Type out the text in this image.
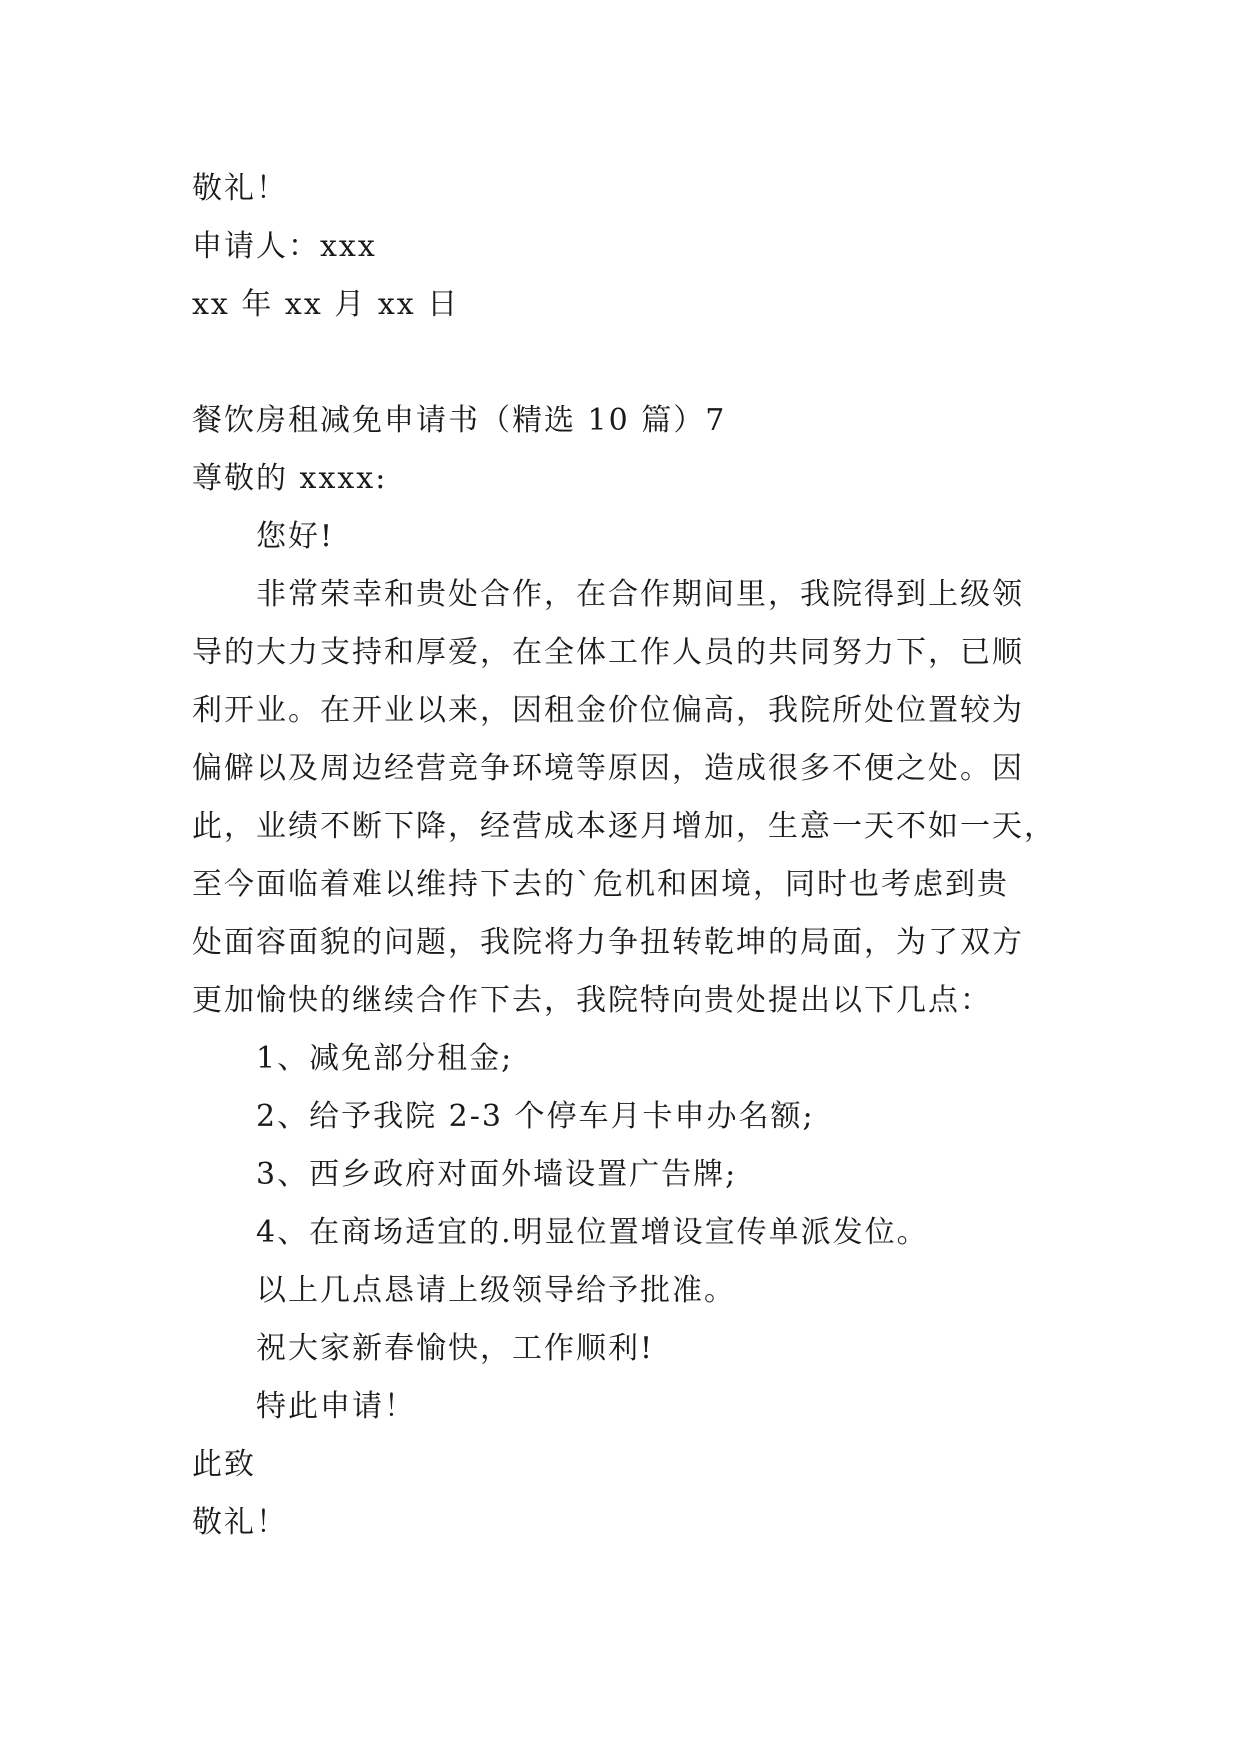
敬礼！
申请人：xxx
xx 年 xx 月 xx 日
餐饮房租减免申请书（精选 10 篇）7
尊敬的 xxxx:
您好!
非常荣幸和贵处合作，在合作期间里，我院得到上级领
导的大力支持和厚爱，在全体工作人员的共同努力下，已顺
利开业。在开业以来，因租金价位偏高，我院所处位置较为
偏僻以及周边经营竞争环境等原因，造成很多不便之处。因
此，业绩不断下降，经营成本逐月增加，生意一天不如一天，
至今面临着难以维持下去的`危机和困境，同时也考虑到贵
处面容面貌的问题，我院将力争扭转乾坤的局面，为了双方
更加愉快的继续合作下去，我院特向贵处提出以下几点：
1、减免部分租金;
2、给予我院 2-3 个停车月卡申办名额;
3、西乡政府对面外墙设置广告牌;
4、在商场适宜的.明显位置增设宣传单派发位。
以上几点恳请上级领导给予批准。
祝大家新春愉快，工作顺利!
特此申请！
此致
敬礼！
